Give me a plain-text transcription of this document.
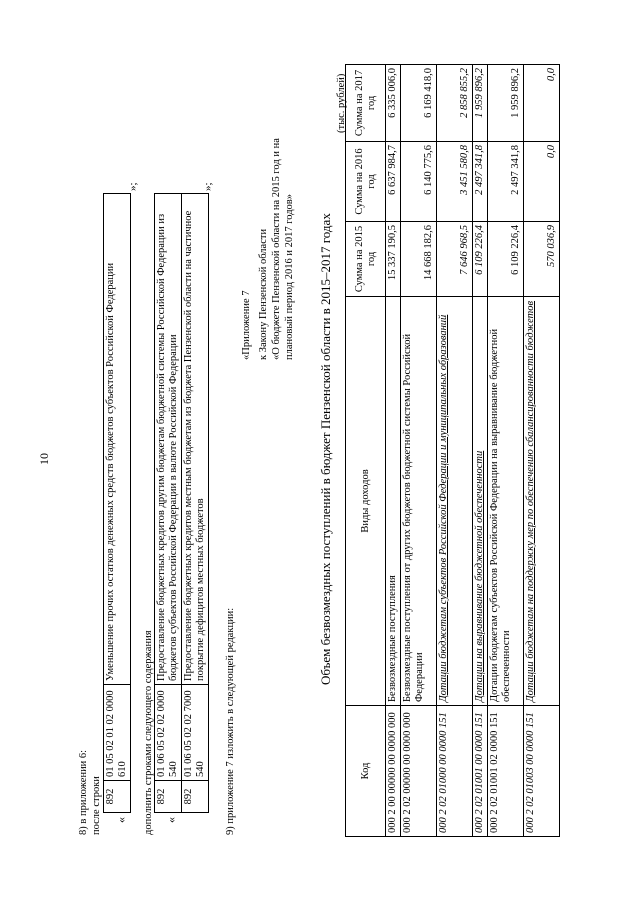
10
8) в приложении 6: после строки «
892	01 05 02 01 02 0000 610	Уменьшение прочих остатков денежных средств бюджетов субъектов Российской Федерации
»;
дополнить строками следующего содержания «
892	01 06 05 02 02 0000 540	Предоставление бюджетных кредитов другим бюджетам бюджетной системы Российской Федерации из бюджетов субъектов Российской Федерации в валюте Российской Федерации
892	01 06 05 02 02 7000 540	Предоставление бюджетных кредитов местным бюджетам из бюджета Пензенской области на частичное покрытие дефицитов местных бюджетов
»;
9) приложение 7 изложить в следующей редакции:
«Приложение 7 к Закону Пензенской области «О бюджете Пензенской области на 2015 год и на плановый период 2016 и 2017 годов» Объем безвозмездных поступлений в бюджет Пензенской области в 2015–2017 годах
(тыс. рублей)
Код	Виды доходов	Сумма на 2015 год	Сумма на 2016 год	Сумма на 2017 год
000 2 00 00000 00 0000 000	Безвозмездные поступления	15 337 190,5	6 637 984,7	6 335 006,0
000 2 02 00000 00 0000 000	Безвозмездные поступления от других бюджетов бюджетной системы Российской Федерации	14 668 182,6	6 140 775,6	6 169 418,0
000 2 02 01000 00 0000 151	Дотации бюджетам субъектов Российской Федерации и муниципальных образований	7 646 968,5	3 451 580,8	2 858 855,2
000 2 02 01001 00 0000 151	Дотации на выравнивание бюджетной обеспеченности	6 109 226,4	2 497 341,8	1 959 896,2
000 2 02 01001 02 0000 151	Дотации бюджетам субъектов Российской Федерации на выравнивание бюджетной обеспеченности	6 109 226,4	2 497 341,8	1 959 896,2
000 2 02 01003 00 0000 151	Дотации бюджетам на поддержку мер по обеспечению сбалансированности бюджетов	570 036,9	0,0	0,0
